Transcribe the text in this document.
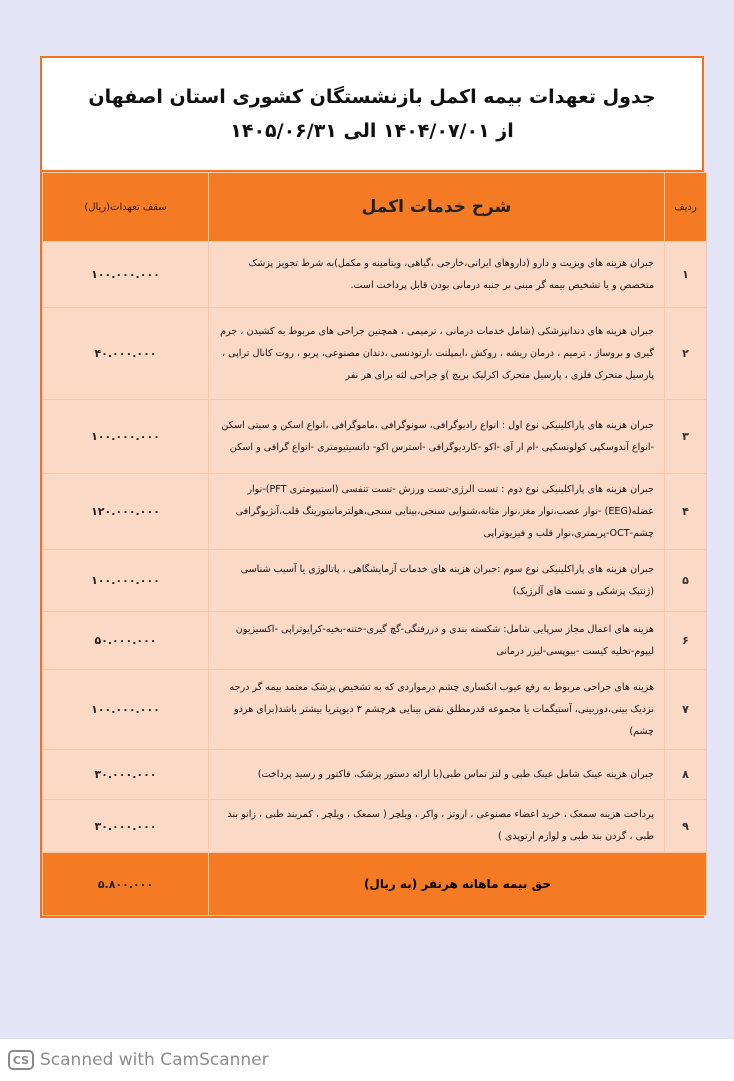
جدول تعهدات بیمه اکمل بازنشستگان کشوری استان اصفهان
از ۱۴۰۴/۰۷/۰۱ الی ۱۴۰۵/۰۶/۳۱
ردیف	شرح خدمات اکمل	سقف تعهدات(ریال)
۱	جبران هزینه های ویزیت و دارو (داروهای ایرانی،خارجی ،گیاهی، ویتامینه و مکمل)به شرط تجویز پزشک متخصص و یا تشخیص بیمه گر مبنی بر جنبه درمانی بودن قابل پرداخت است.	۱۰۰.۰۰۰.۰۰۰
۲	جبران هزینه های دندانپزشکی (شامل خدمات درمانی ، ترمیمی ، همچنین جراحی های مربوط به کشیدن ، جرم گیری و بروساژ ، ترمیم ، درمان ریشه ، روکش ،ایمپلنت ،ارتودنسی ،دندان مصنوعی، پریو ، روت کانال تراپی ، پارسیل متحرک فلزی ، پارسیل متحرک اکرلیک بریج )و جراحی لثه برای هر نفر	۴۰.۰۰۰.۰۰۰
۳	جبران هزینه های پاراکلینیکی نوع اول : انواع رادیوگرافی، سونوگرافی ،ماموگرافی ،انواع اسکن و سیتی اسکن -انواع آندوسکپی کولونسکپی -ام ار آی -اکو -کاردیوگرافی -استرس اکو- دانسیتیومتری -انواع گرافی و اسکن	۱۰۰.۰۰۰.۰۰۰
۴	جبران هزینه های پاراکلینیکی نوع دوم : تست الرژی-تست ورزش -تست تنفسی (استیپومتری PFT)-نوار عضله(EEG) -نوار عصب،نوار مغز،نوار مثانه،شنوایی سنجی،بینایی سنجی،هولترمانیتورینگ قلب،آنژیوگرافی چشم-OCT-پریمتری،نوار قلب و فیزیوتراپی	۱۲۰.۰۰۰.۰۰۰
۵	جبران هزینه های پاراکلینیکی نوع سوم :جبران هزینه های خدمات آزمایشگاهی ، پاتالوژی یا آسیب شناسی (ژنتیک پزشکی و تست های آلرژیک)	۱۰۰.۰۰۰.۰۰۰
۶	هزینه های اعمال مجاز سرپایی شامل: شکسته بندی و دررفتگی-گچ گیری-ختنه-بخیه-کرایوتراپی -اکسیزیون لیپوم-تخلیه کیست -بیوپسی-لیزر درمانی	۵۰.۰۰۰.۰۰۰
۷	هزینه های جراحی مربوط به رفع عیوب انکساری چشم درمواردی که به تشخیص پزشک معتمد بیمه گر درجه نزدیک بینی،دوربینی، آستیگمات یا مجموعه قدرمطلق نقض بینایی هرچشم ۳ دیوپتریا بیشتر باشد(برای هردو چشم)	۱۰۰.۰۰۰.۰۰۰
۸	جبران هزینه عینک شامل عینک طبی و لنز تماس طبی(با ارائه دستور پزشک، فاکتور و رسید پرداخت)	۳۰.۰۰۰.۰۰۰
۹	پرداخت هزینه سمعک ، خرید اعضاء مصنوعی ، اروتز ، واکر ، ویلچر ( سمعک ، ویلچر ، کمربند طبی ، زانو بند طبی ، گردن بند طبی و لوازم ارتوپدی )	۳۰.۰۰۰.۰۰۰
حق بیمه ماهانه هرنفر (به ریال)		۵.۸۰۰.۰۰۰
CS Scanned with CamScanner
